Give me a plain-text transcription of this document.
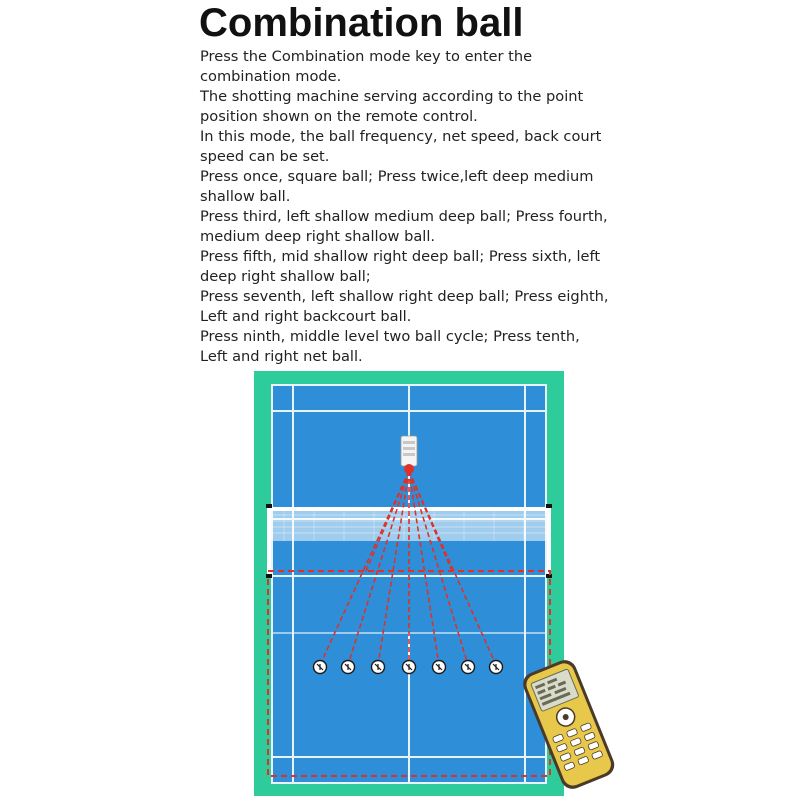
Combination ball
Press the Combination mode key to enter the
combination mode.
The shotting machine serving according to the point
position shown on the remote control.
In this mode, the ball frequency, net speed, back court
speed can be set.
Press once, square ball; Press twice,left deep medium
shallow ball.
Press third, left shallow medium deep ball; Press fourth,
medium deep right shallow ball.
Press fifth, mid shallow right deep ball; Press sixth, left
deep right shallow ball;
Press seventh, left shallow right deep ball; Press eighth,
Left and right backcourt ball.
Press ninth, middle level two ball cycle; Press tenth,
Left and right net ball.
